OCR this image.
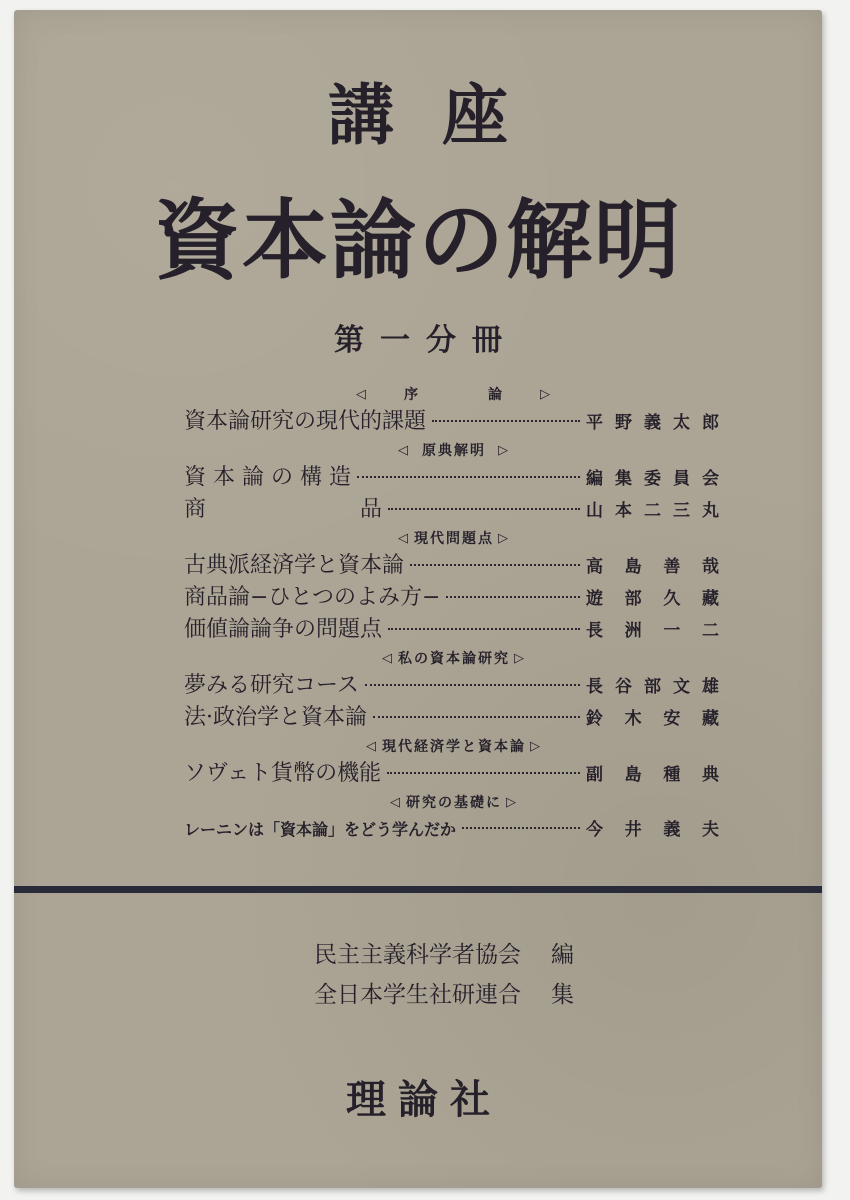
講座
資本論の解明
第一分冊
◁	序	論	▷
資本論研究の現代的課題	平野義太郎
◁ 原典解明 ▷
資 本 論 の 構 造	編集委員会
商　　　　　　　品	山本二三丸
◁ 現代問題点 ▷
古典派経済学と資本論	高島善哉
商品論−ひとつのよみ方−	遊部久藏
価値論論争の問題点	長洲一二
◁ 私の資本論研究 ▷
夢みる研究コース	長谷部文雄
法·政治学と資本論	鈴木安藏
◁ 現代経済学と資本論 ▷
ソヴェト貨幣の機能	副島種典
◁ 研究の基礎に ▷
レーニンは「資本論」をどう学んだか	今井義夫
民主主義科学者協会 編
全日本学生社研連合 集
理論社
